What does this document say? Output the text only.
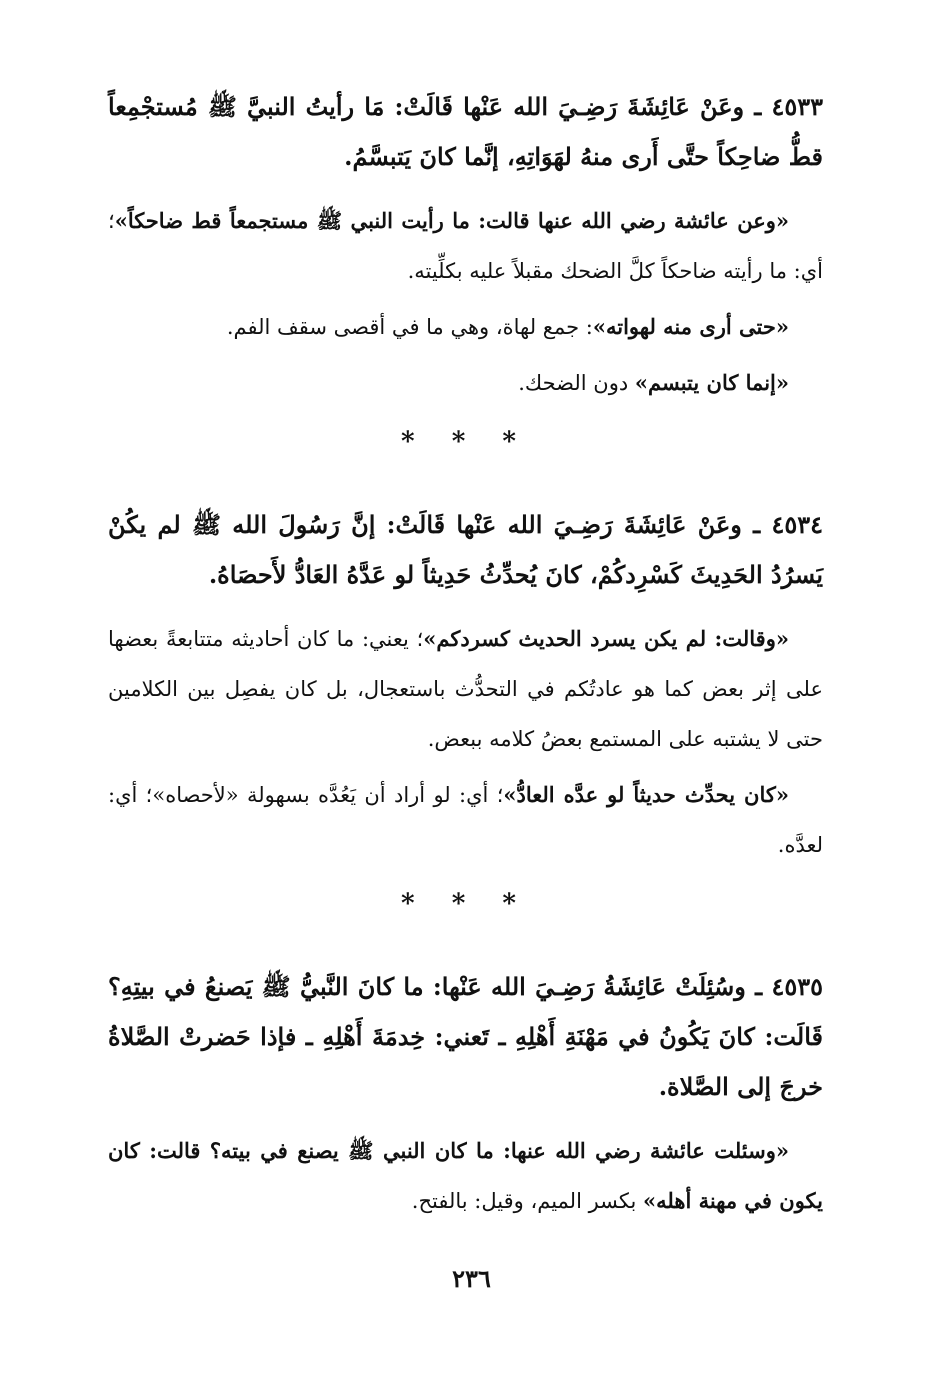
٤٥٣٣ ـ وعَنْ عَائِشَةَ رَضِـيَ الله عَنْها قَالَتْ: مَا رأيتُ النبيَّ ﷺ مُستجْمِعاً قطُّ ضاحِكاً حتَّى أَرى منهُ لهَوَاتِهِ، إنَّما كانَ يَتبسَّمُ.

«وعن عائشة رضي الله عنها قالت: ما رأيت النبي ﷺ مستجمعاً قط ضاحكاً»؛ أي: ما رأيته ضاحكاً كلَّ الضحك مقبلاً عليه بكلِّيته.

«حتى أرى منه لهواته»: جمع لهاة، وهي ما في أقصى سقف الفم.

«إنما كان يتبسم» دون الضحك.

* * *

٤٥٣٤ ـ وعَنْ عَائِشَةَ رَضِـيَ الله عَنْها قَالَتْ: إنَّ رَسُولَ الله ﷺ لم يكُنْ يَسرُدُ الحَدِيثَ كَسْرِدكُمْ، كانَ يُحدِّثُ حَدِيثاً لو عَدَّهُ العَادُّ لأَحصَاهُ.

«وقالت: لم يكن يسرد الحديث كسردكم»؛ يعني: ما كان أحاديثه متتابعةً بعضها على إثر بعض كما هو عادتُكم في التحدُّث باستعجال، بل كان يفصِل بين الكلامين حتى لا يشتبه على المستمع بعضُ كلامه ببعض.

«كان يحدِّث حديثاً لو عدَّه العادُّ»؛ أي: لو أراد أن يَعُدَّه بسهولة «لأحصاه»؛ أي: لعدَّه.

* * *

٤٥٣٥ ـ وسُئِلَتْ عَائِشَةُ رَضِـيَ الله عَنْها: ما كانَ النَّبيُّ ﷺ يَصنعُ في بيتِهِ؟ قَالَت: كانَ يَكُونُ في مَهْنَةِ أَهْلِهِ ـ تَعني: خِدمَةَ أَهْلِهِ ـ فإذا حَضرتْ الصَّلاةُ خرجَ إلى الصَّلاة.

«وسئلت عائشة رضي الله عنها: ما كان النبي ﷺ يصنع في بيته؟ قالت: كان يكون في مهنة أهله» بكسر الميم، وقيل: بالفتح.

٢٣٦
